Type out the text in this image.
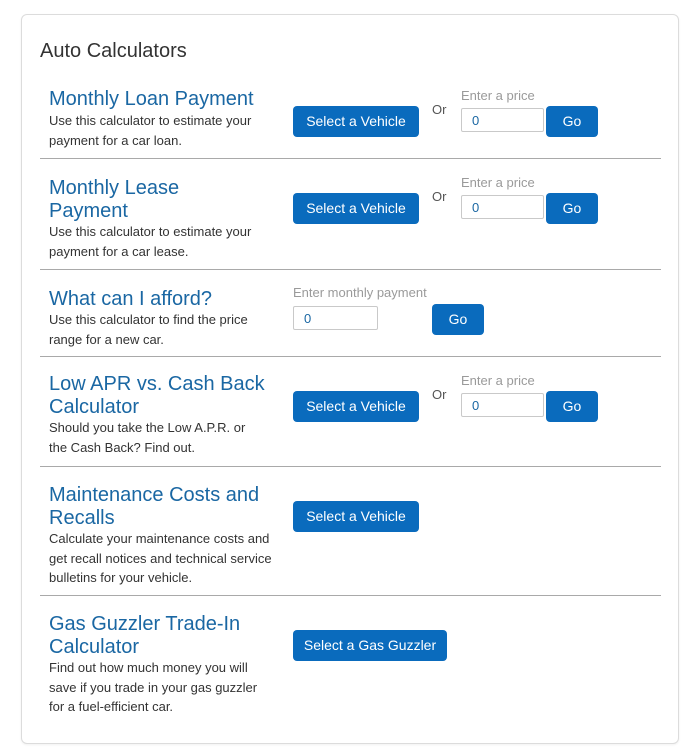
Auto Calculators
Monthly Loan Payment
Use this calculator to estimate your payment for a car loan.
Select a Vehicle
Or
Enter a price
0
Go
Monthly Lease Payment
Use this calculator to estimate your payment for a car lease.
Select a Vehicle
Or
Enter a price
0
Go
What can I afford?
Use this calculator to find the price range for a new car.
Enter monthly payment
0
Go
Low APR vs. Cash Back Calculator
Should you take the Low A.P.R. or the Cash Back? Find out.
Select a Vehicle
Or
Enter a price
0
Go
Maintenance Costs and Recalls
Calculate your maintenance costs and get recall notices and technical service bulletins for your vehicle.
Select a Vehicle
Gas Guzzler Trade-In Calculator
Find out how much money you will save if you trade in your gas guzzler for a fuel-efficient car.
Select a Gas Guzzler
